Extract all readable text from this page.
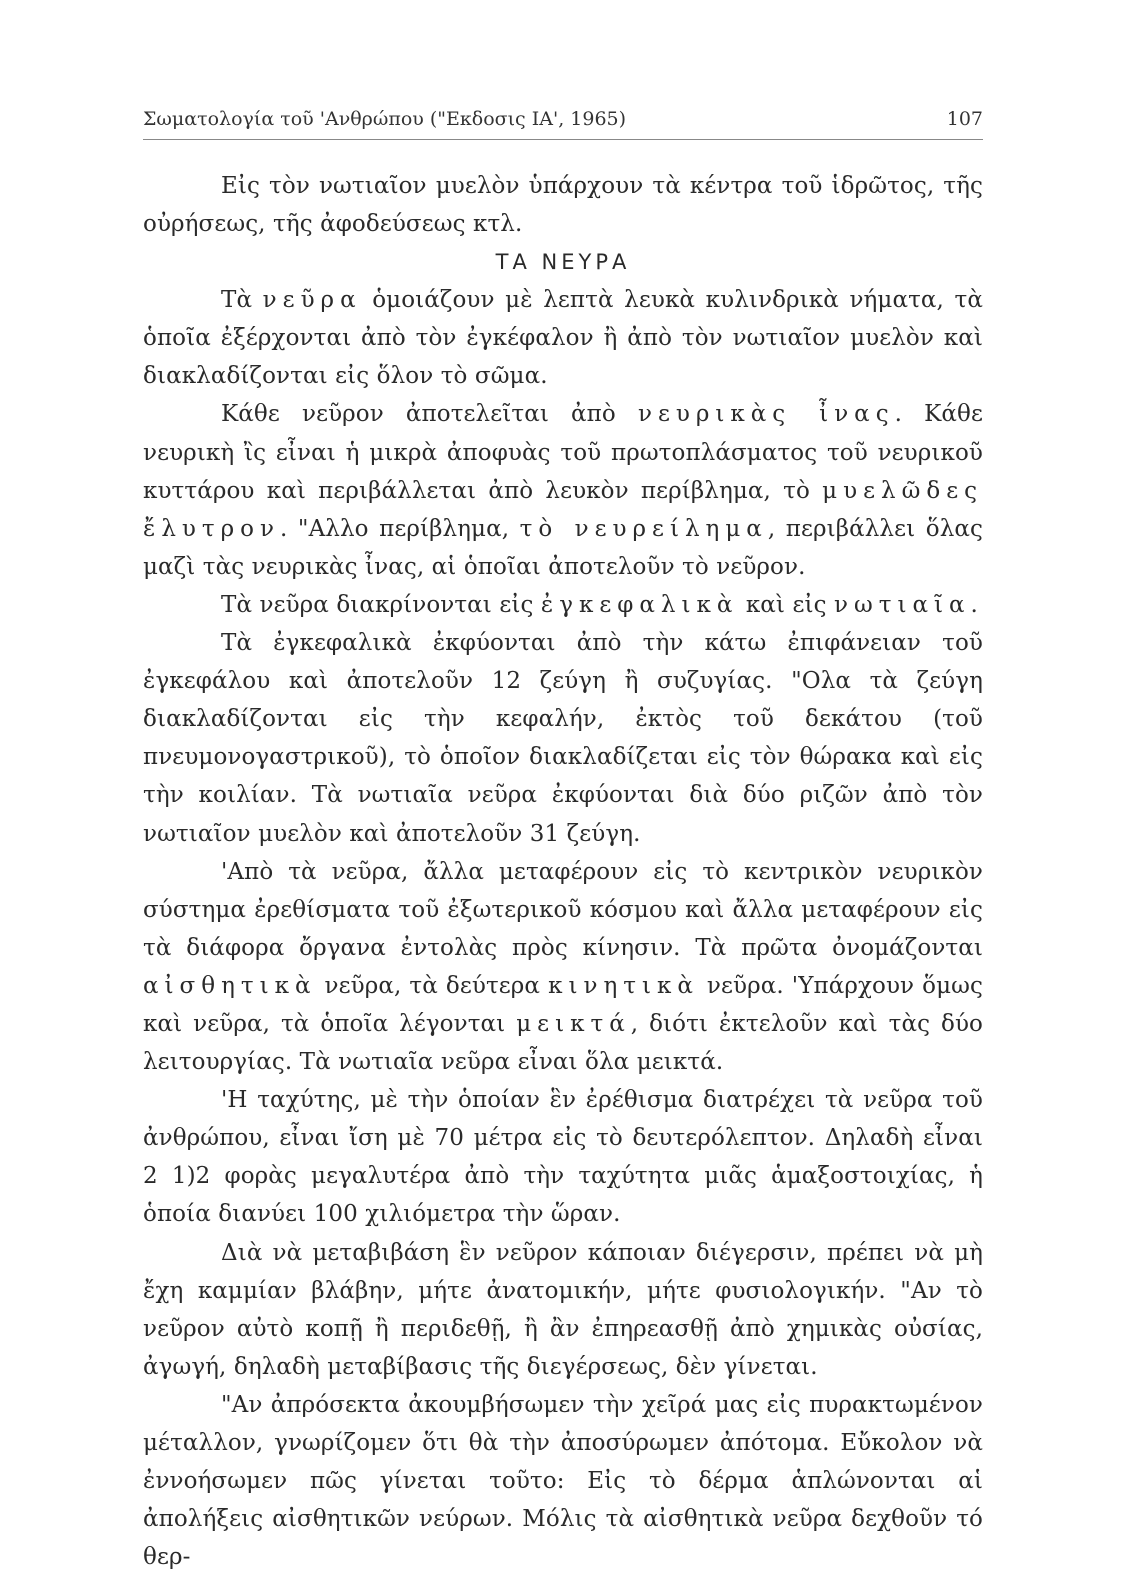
Σωματολογία τοῦ 'Ανθρώπου ("Εκδοσις ΙΑ', 1965)	107

Εἰς τὸν νωτιαῖον μυελὸν ὑπάρχουν τὰ κέντρα τοῦ ἱδρῶτος, τῆς οὐρήσεως, τῆς ἀφοδεύσεως κτλ.

ΤΑ ΝΕΥΡΑ

Τὰ νεῦρα ὁμοιάζουν μὲ λεπτὰ λευκὰ κυλινδρικὰ νήματα, τὰ ὁποῖα ἐξέρχονται ἀπὸ τὸν ἐγκέφαλον ἢ ἀπὸ τὸν νωτιαῖον μυελὸν καὶ διακλαδίζονται εἰς ὅλον τὸ σῶμα.

Κάθε νεῦρον ἀποτελεῖται ἀπὸ νευρικὰς ἶνας. Κάθε νευρικὴ ἲς εἶναι ἡ μικρὰ ἀποφυὰς τοῦ πρωτοπλάσματος τοῦ νευρικοῦ κυττάρου καὶ περιβάλλεται ἀπὸ λευκὸν περίβλημα, τὸ μυελῶδες ἔλυτρον. "Αλλο περίβλημα, τὸ νευρείλημα, περιβάλλει ὅλας μαζὶ τὰς νευρικὰς ἶνας, αἱ ὁποῖαι ἀποτελοῦν τὸ νεῦρον.

Τὰ νεῦρα διακρίνονται εἰς ἐγκεφαλικὰ καὶ εἰς νωτιαῖα.

Τὰ ἐγκεφαλικὰ ἐκφύονται ἀπὸ τὴν κάτω ἐπιφάνειαν τοῦ ἐγκεφάλου καὶ ἀποτελοῦν 12 ζεύγη ἢ συζυγίας. "Ολα τὰ ζεύγη διακλαδίζονται εἰς τὴν κεφαλήν, ἐκτὸς τοῦ δεκάτου (τοῦ πνευμονογαστρικοῦ), τὸ ὁποῖον διακλαδίζεται εἰς τὸν θώρακα καὶ εἰς τὴν κοιλίαν. Τὰ νωτιαῖα νεῦρα ἐκφύονται διὰ δύο ριζῶν ἀπὸ τὸν νωτιαῖον μυελὸν καὶ ἀποτελοῦν 31 ζεύγη.

'Απὸ τὰ νεῦρα, ἄλλα μεταφέρουν εἰς τὸ κεντρικὸν νευρικὸν σύστημα ἐρεθίσματα τοῦ ἐξωτερικοῦ κόσμου καὶ ἄλλα μεταφέρουν εἰς τὰ διάφορα ὄργανα ἐντολὰς πρὸς κίνησιν. Τὰ πρῶτα ὀνομάζονται αἰσθητικὰ νεῦρα, τὰ δεύτερα κινητικὰ νεῦρα. 'Υπάρχουν ὅμως καὶ νεῦρα, τὰ ὁποῖα λέγονται μεικτά, διότι ἐκτελοῦν καὶ τὰς δύο λειτουργίας. Τὰ νωτιαῖα νεῦρα εἶναι ὅλα μεικτά.

'Η ταχύτης, μὲ τὴν ὁποίαν ἓν ἐρέθισμα διατρέχει τὰ νεῦρα τοῦ ἀνθρώπου, εἶναι ἴση μὲ 70 μέτρα εἰς τὸ δευτερόλεπτον. Δηλαδὴ εἶναι 2 1)2 φορὰς μεγαλυτέρα ἀπὸ τὴν ταχύτητα μιᾶς ἁμαξοστοιχίας, ἡ ὁποία διανύει 100 χιλιόμετρα τὴν ὥραν.

Διὰ νὰ μεταβιβάση ἓν νεῦρον κάποιαν διέγερσιν, πρέπει νὰ μὴ ἔχη καμμίαν βλάβην, μήτε ἀνατομικήν, μήτε φυσιολογικήν. "Αν τὸ νεῦρον αὐτὸ κοπῇ ἢ περιδεθῇ, ἢ ἂν ἐπηρεασθῇ ἀπὸ χημικὰς οὐσίας, ἀγωγή, δηλαδὴ μεταβίβασις τῆς διεγέρσεως, δὲν γίνεται.

"Αν ἀπρόσεκτα ἀκουμβήσωμεν τὴν χεῖρά μας εἰς πυρακτωμένον μέταλλον, γνωρίζομεν ὅτι θὰ τὴν ἀποσύρωμεν ἀπότομα. Εὔκολον νὰ ἐννοήσωμεν πῶς γίνεται τοῦτο: Εἰς τὸ δέρμα ἁπλώνονται αἱ ἀπολήξεις αἰσθητικῶν νεύρων. Μόλις τὰ αἰσθητικὰ νεῦρα δεχθοῦν τό θερ-
